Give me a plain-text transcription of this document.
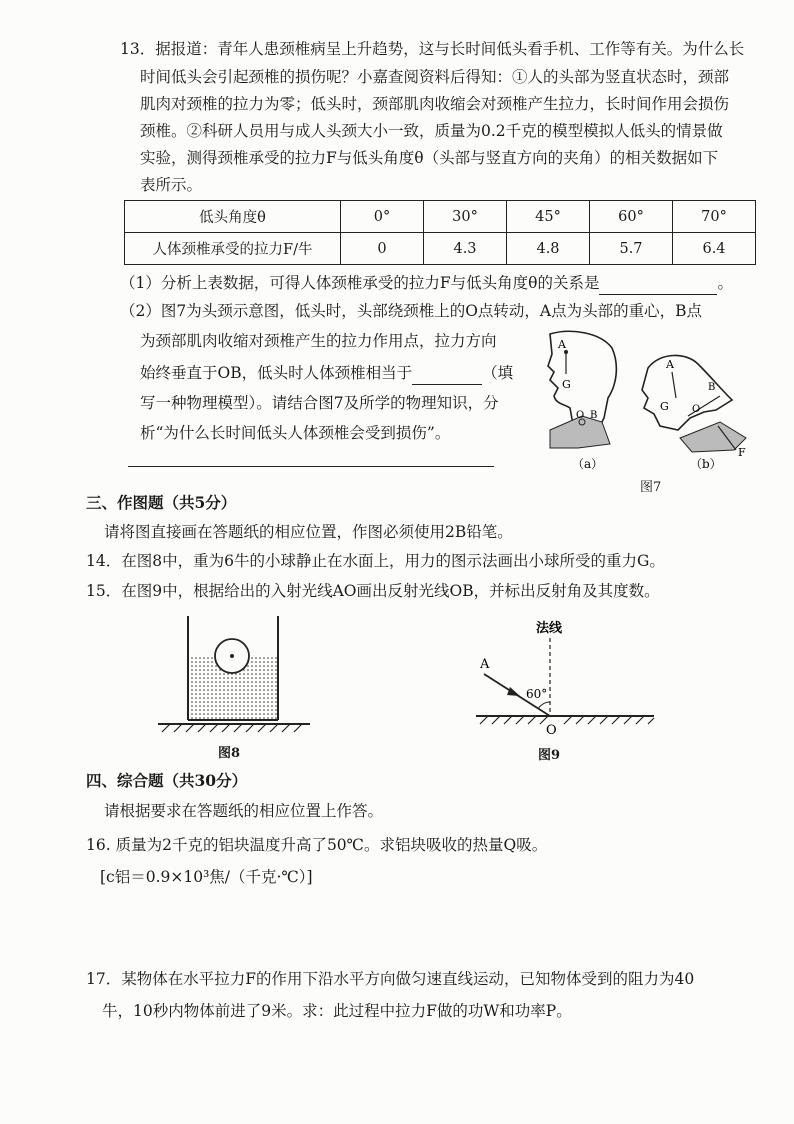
13．据报道：青年人患颈椎病呈上升趋势，这与长时间低头看手机、工作等有关。为什么长
时间低头会引起颈椎的损伤呢？小嘉查阅资料后得知：①人的头部为竖直状态时，颈部
肌肉对颈椎的拉力为零；低头时，颈部肌肉收缩会对颈椎产生拉力，长时间作用会损伤
颈椎。②科研人员用与成人头颈大小一致，质量为0.2千克的模型模拟人低头的情景做
实验，测得颈椎承受的拉力F与低头角度θ（头部与竖直方向的夹角）的相关数据如下
表所示。
低头角度θ	0°	30°	45°	60°	70°
人体颈椎承受的拉力F/牛	0	4.3	4.8	5.7	6.4
（1）分析上表数据，可得人体颈椎承受的拉力F与低头角度θ的关系是	。
（2）图7为头颈示意图，低头时，头部绕颈椎上的O点转动，A点为头部的重心，B点
为颈部肌肉收缩对颈椎产生的拉力作用点，拉力方向
始终垂直于OB，低头时人体颈椎相当于	（填
写一种物理模型）。请结合图7及所学的物理知识，分
析“为什么长时间低头人体颈椎会受到损伤”。
A
G
O B
A
G O
B
F
（a）	（b）
图7
三、作图题（共5分）
请将图直接画在答题纸的相应位置，作图必须使用2B铅笔。
14．在图8中，重为6牛的小球静止在水面上，用力的图示法画出小球所受的重力G。
15．在图9中，根据给出的入射光线AO画出反射光线OB，并标出反射角及其度数。
图8
法线
A
60°
O
图9
四、综合题（共30分）
请根据要求在答题纸的相应位置上作答。
16. 质量为2千克的铝块温度升高了50℃。求铝块吸收的热量Q吸。
[c铝＝0.9×10³焦/（千克·℃）]
17．某物体在水平拉力F的作用下沿水平方向做匀速直线运动，已知物体受到的阻力为40
牛，10秒内物体前进了9米。求：此过程中拉力F做的功W和功率P。
